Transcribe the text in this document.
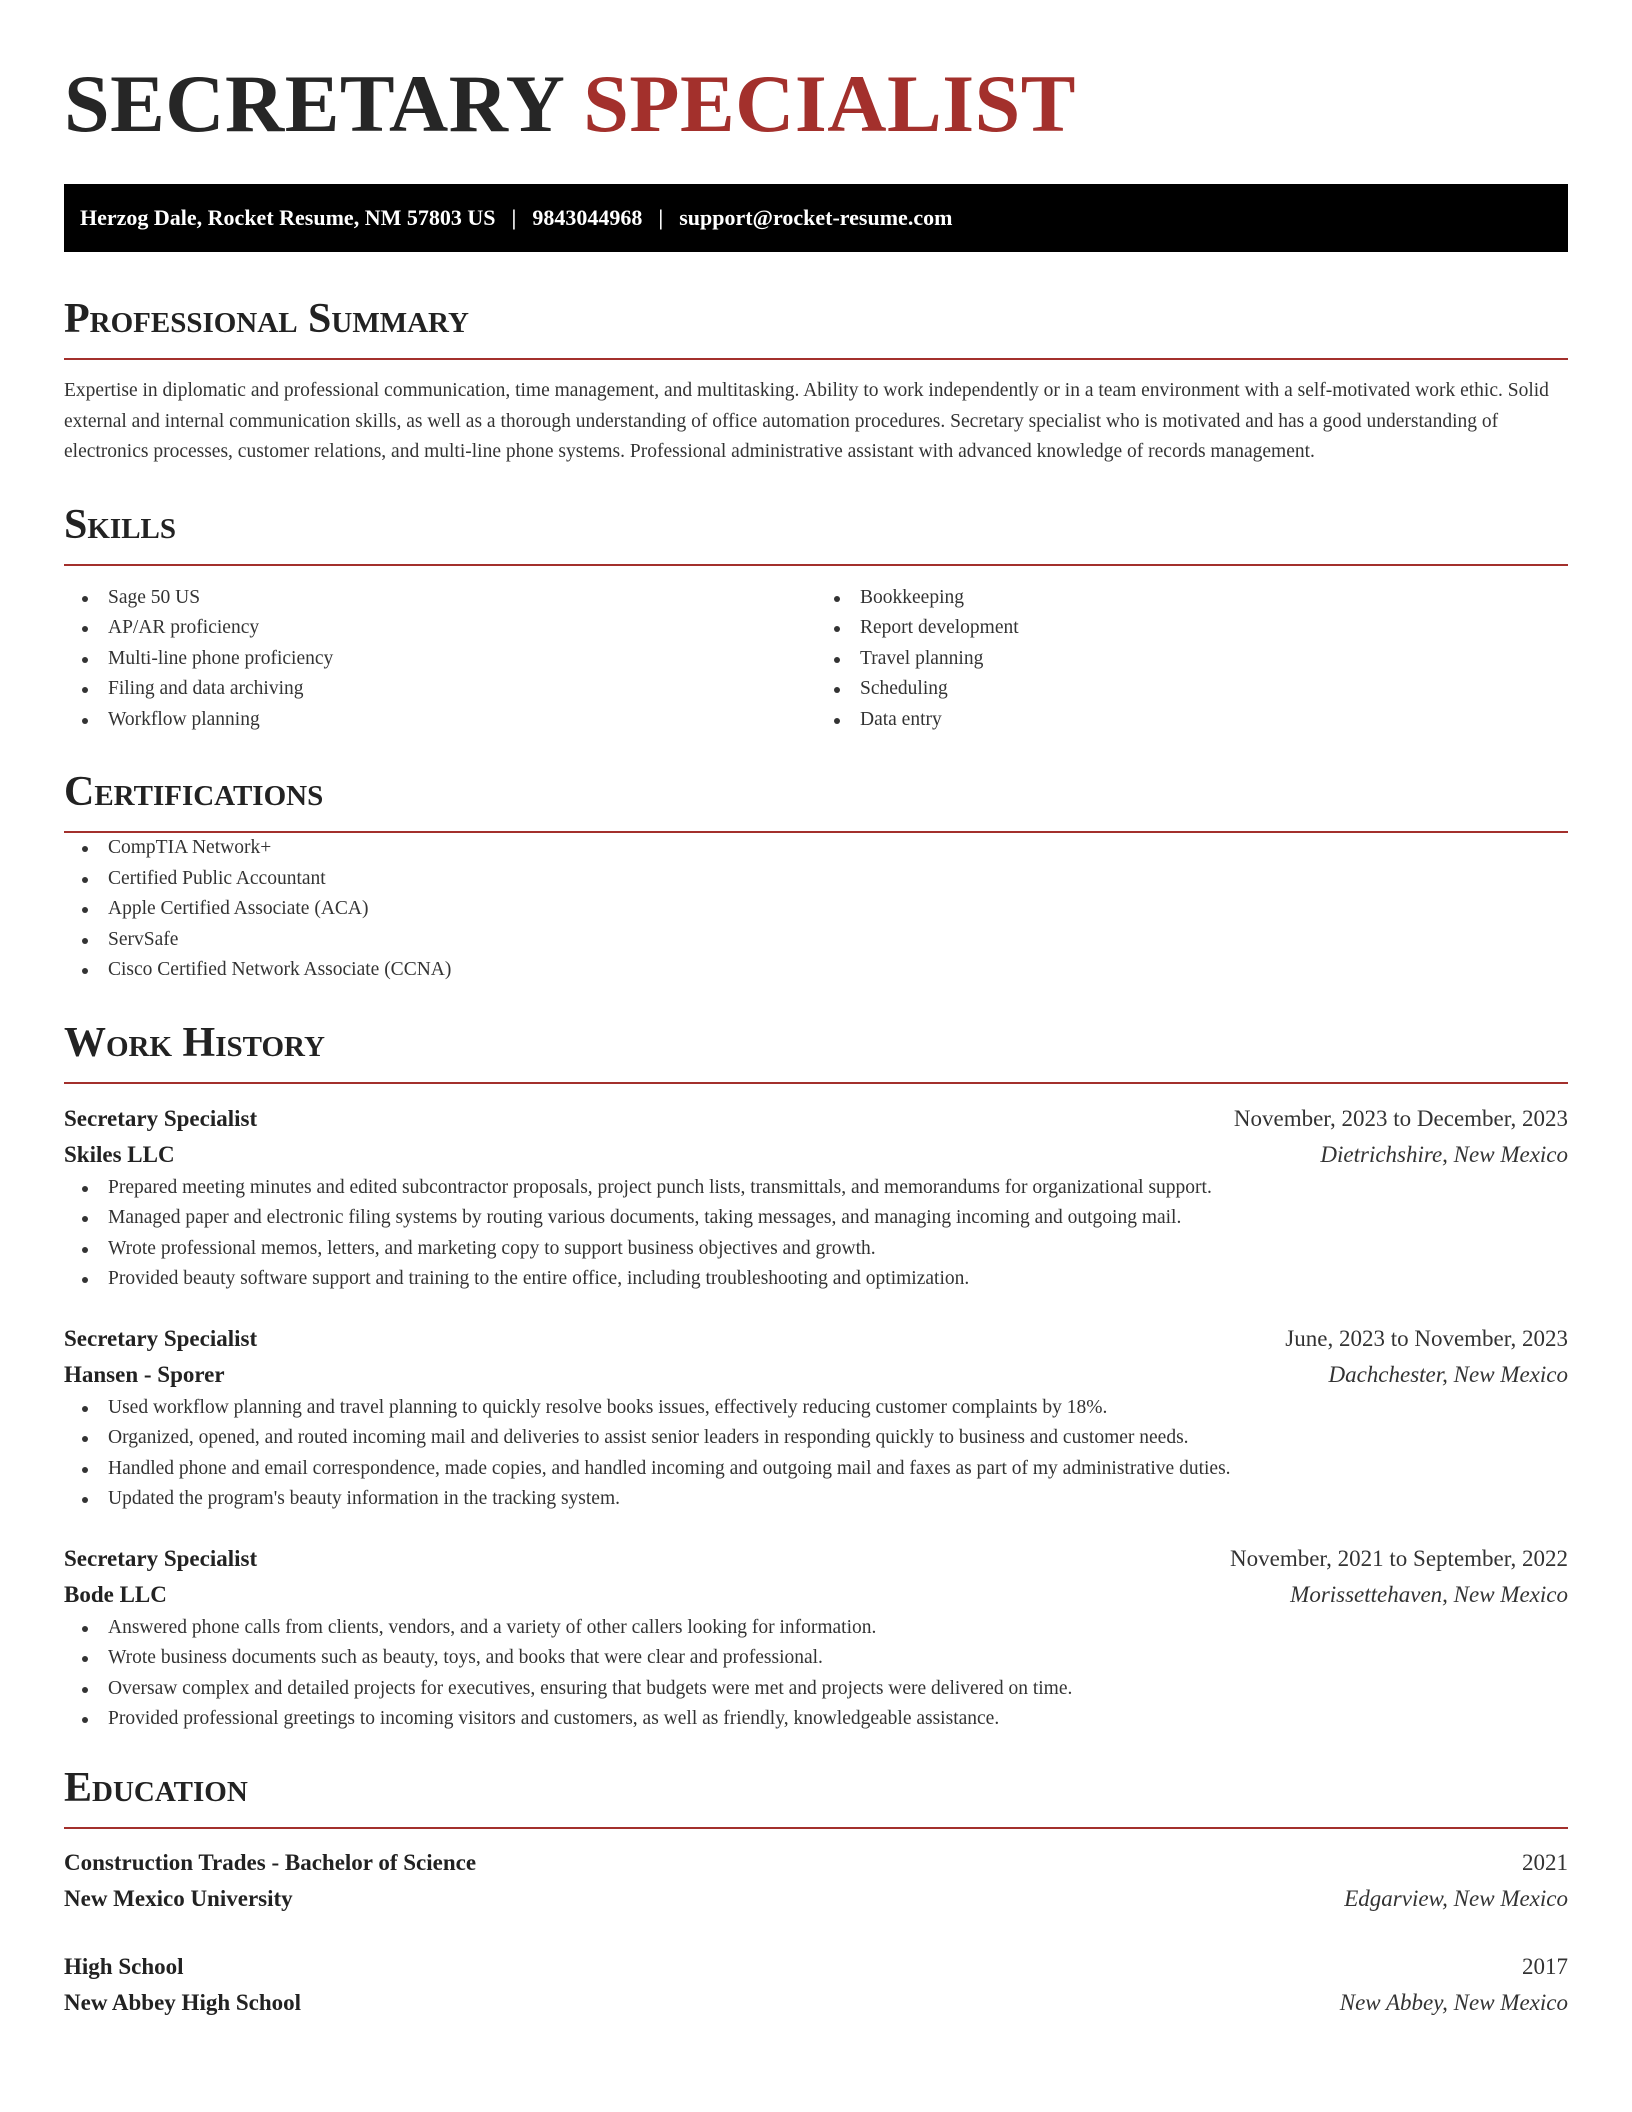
SECRETARY SPECIALIST
Herzog Dale, Rocket Resume, NM 57803 US | 9843044968 | support@rocket-resume.com
Professional Summary

Expertise in diplomatic and professional communication, time management, and multitasking. Ability to work independently or in a team environment with a self-motivated work ethic. Solid external and internal communication skills, as well as a thorough understanding of office automation procedures. Secretary specialist who is motivated and has a good understanding of electronics processes, customer relations, and multi-line phone systems. Professional administrative assistant with advanced knowledge of records management.

Skills
Sage 50 US
AP/AR proficiency
Multi-line phone proficiency
Filing and data archiving
Workflow planning
Bookkeeping
Report development
Travel planning
Scheduling
Data entry
Certifications
CompTIA Network+
Certified Public Accountant
Apple Certified Associate (ACA)
ServSafe
Cisco Certified Network Associate (CCNA)
Work History
Secretary Specialist	November, 2023 to December, 2023
Skiles LLC	Dietrichshire, New Mexico
Prepared meeting minutes and edited subcontractor proposals, project punch lists, transmittals, and memorandums for organizational support.
Managed paper and electronic filing systems by routing various documents, taking messages, and managing incoming and outgoing mail.
Wrote professional memos, letters, and marketing copy to support business objectives and growth.
Provided beauty software support and training to the entire office, including troubleshooting and optimization.
Secretary Specialist	June, 2023 to November, 2023
Hansen - Sporer	Dachchester, New Mexico
Used workflow planning and travel planning to quickly resolve books issues, effectively reducing customer complaints by 18%.
Organized, opened, and routed incoming mail and deliveries to assist senior leaders in responding quickly to business and customer needs.
Handled phone and email correspondence, made copies, and handled incoming and outgoing mail and faxes as part of my administrative duties.
Updated the program's beauty information in the tracking system.
Secretary Specialist	November, 2021 to September, 2022
Bode LLC	Morissettehaven, New Mexico
Answered phone calls from clients, vendors, and a variety of other callers looking for information.
Wrote business documents such as beauty, toys, and books that were clear and professional.
Oversaw complex and detailed projects for executives, ensuring that budgets were met and projects were delivered on time.
Provided professional greetings to incoming visitors and customers, as well as friendly, knowledgeable assistance.
Education
Construction Trades - Bachelor of Science	2021
New Mexico University	Edgarview, New Mexico
High School	2017
New Abbey High School	New Abbey, New Mexico
